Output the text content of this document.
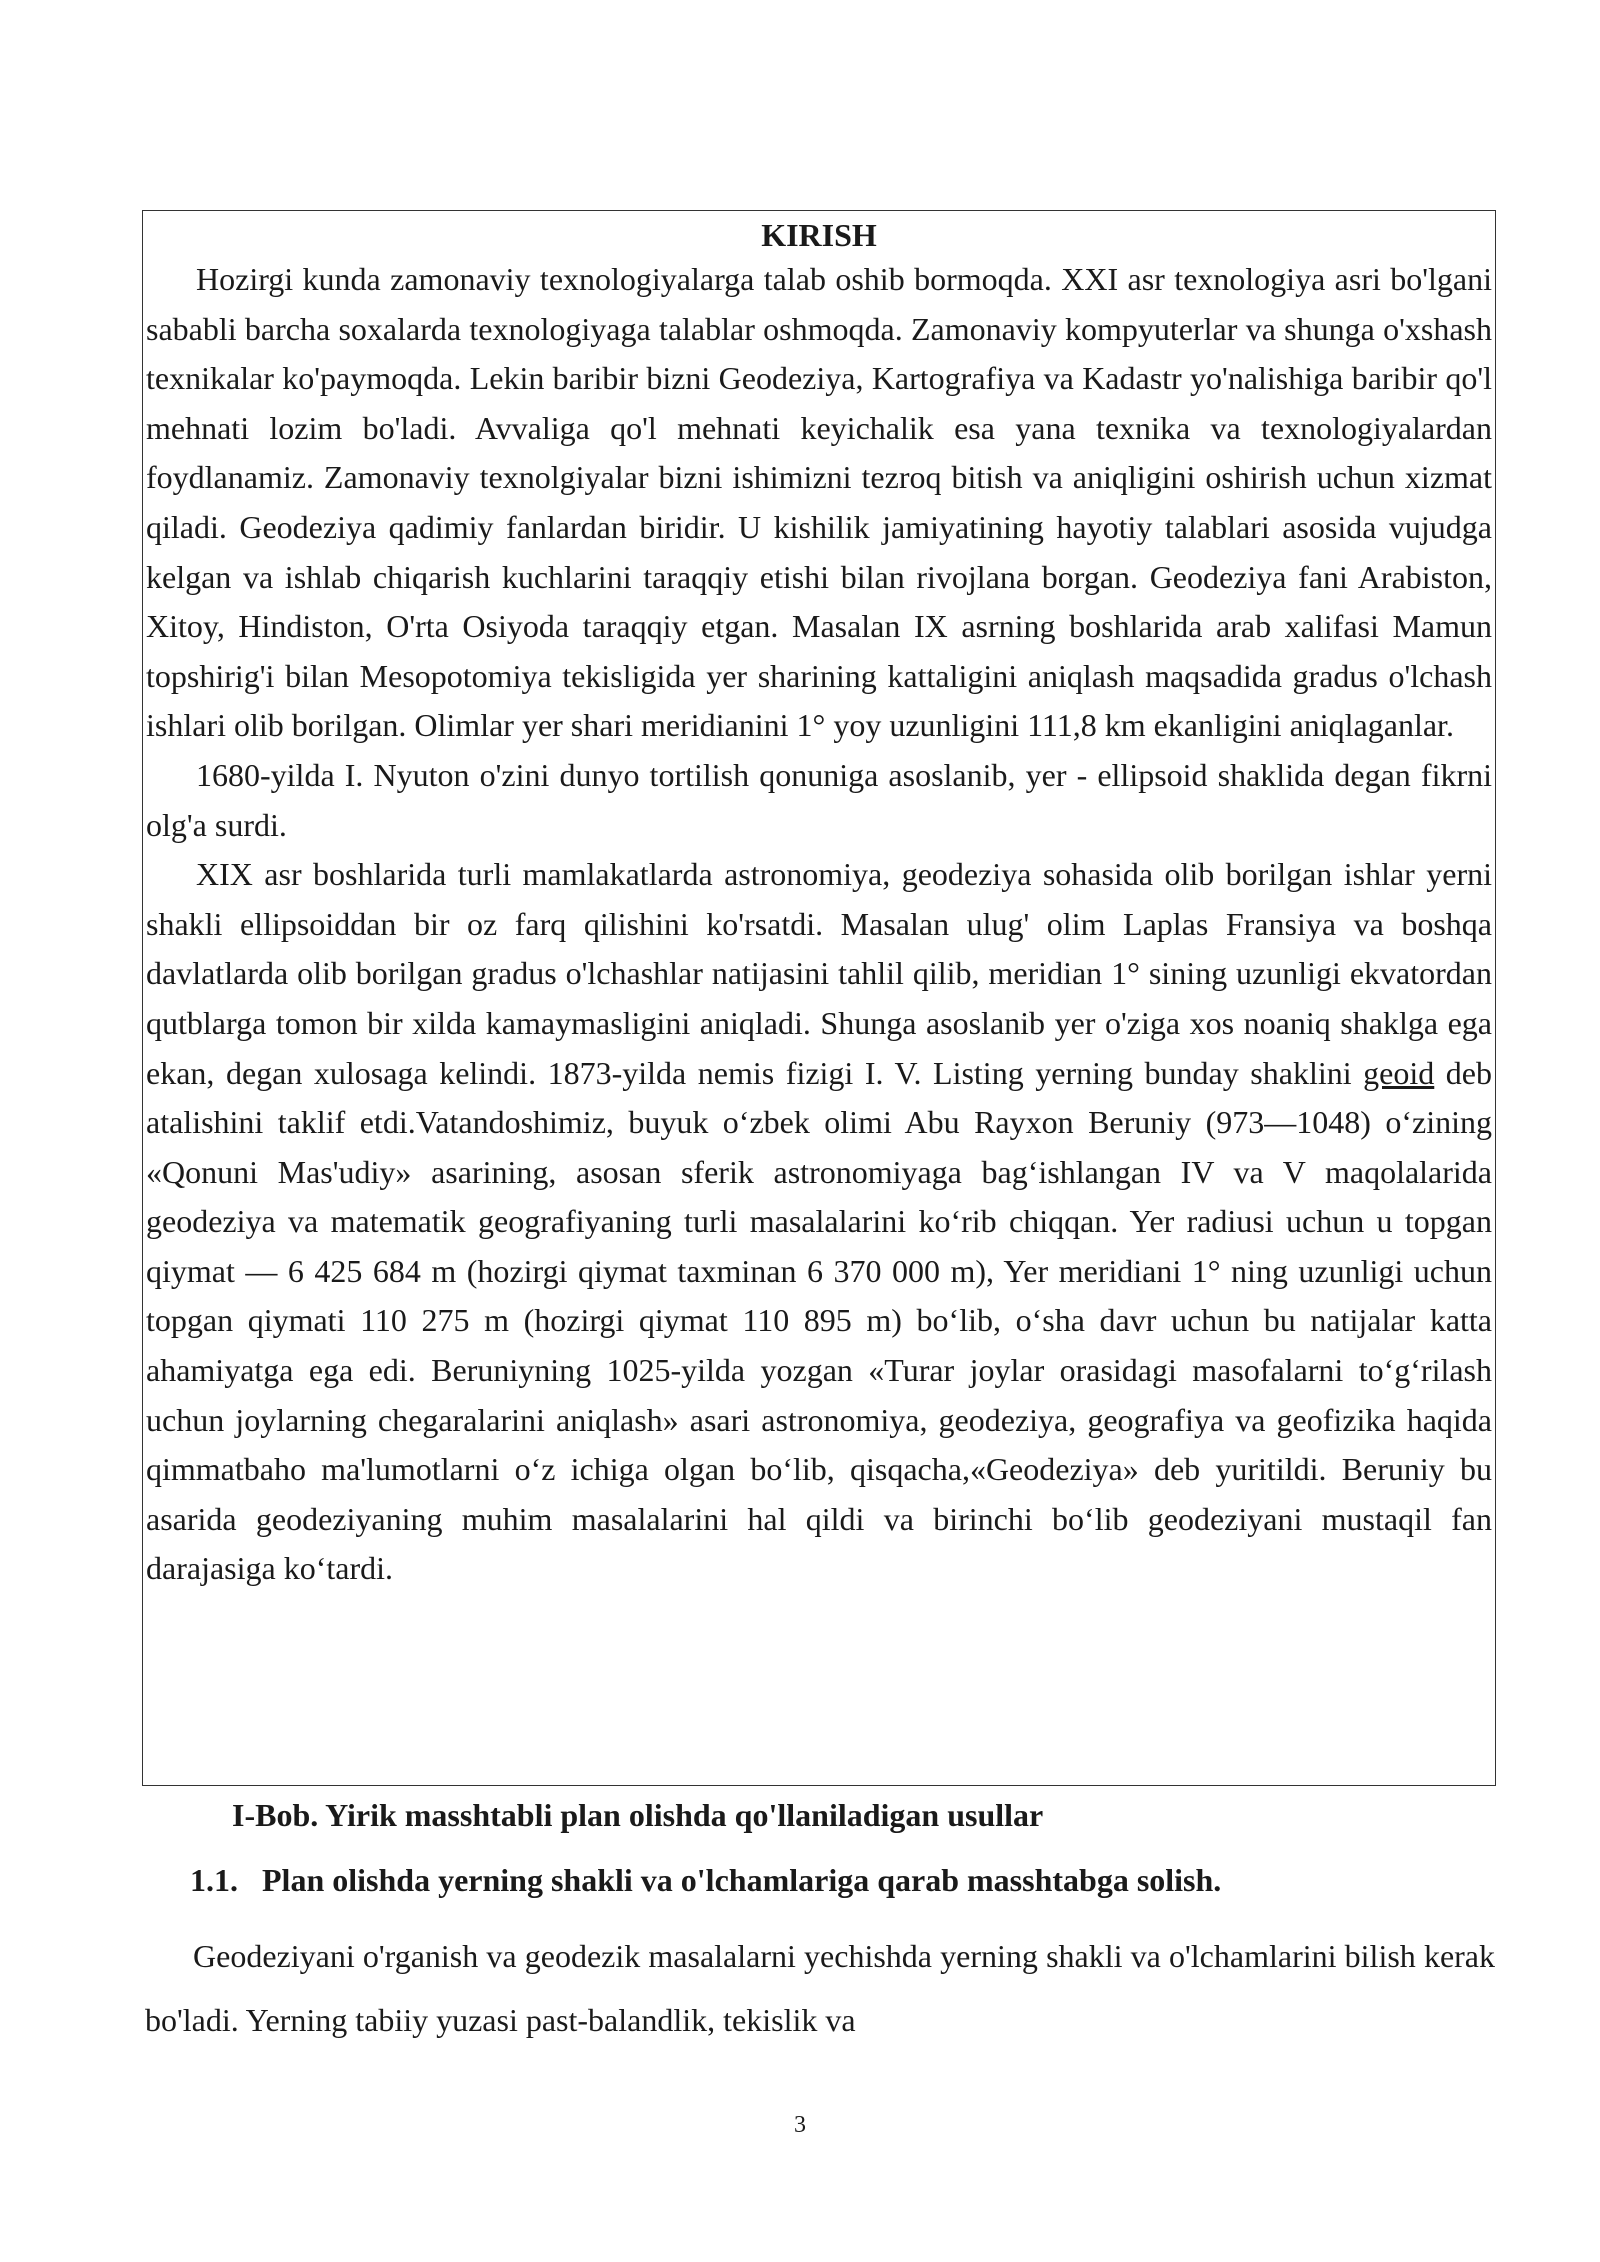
KIRISH

Hozirgi kunda zamonaviy texnologiyalarga talab oshib bormoqda. XXI asr texnologiya asri bo'lgani sababli barcha soxalarda texnologiyaga talablar oshmoqda. Zamonaviy kompyuterlar va shunga o'xshash texnikalar ko'paymoqda. Lekin baribir bizni Geodeziya, Kartografiya va Kadastr yo'nalishiga baribir qo'l mehnati lozim bo'ladi. Avvaliga qo'l mehnati keyichalik esa yana texnika va texnologiyalardan foydlanamiz. Zamonaviy texnolgiyalar bizni ishimizni tezroq bitish va aniqligini oshirish uchun xizmat qiladi. Geodeziya qadimiy fanlardan biridir. U kishilik jamiyatining hayotiy talablari asosida vujudga kelgan va ishlab chiqarish kuchlarini taraqqiy etishi bilan rivojlana borgan. Geodeziya fani Arabiston, Xitoy, Hindiston, O'rta Osiyoda taraqqiy etgan. Masalan IX asrning boshlarida arab xalifasi Mamun topshirig'i bilan Mesopotomiya tekisligida yer sharining kattaligini aniqlash maqsadida gradus o'lchash ishlari olib borilgan. Olimlar yer shari meridianini 1° yoy uzunligini 111,8 km ekanligini aniqlaganlar.

1680-yilda I. Nyuton o'zini dunyo tortilish qonuniga asoslanib, yer - ellipsoid shaklida degan fikrni olg'a surdi.

XIX asr boshlarida turli mamlakatlarda astronomiya, geodeziya sohasida olib borilgan ishlar yerni shakli ellipsoiddan bir oz farq qilishini ko'rsatdi. Masalan ulug' olim Laplas Fransiya va boshqa davlatlarda olib borilgan gradus o'lchashlar natijasini tahlil qilib, meridian 1° sining uzunligi ekvatordan qutblarga tomon bir xilda kamaymasligini aniqladi. Shunga asoslanib yer o'ziga xos noaniq shaklga ega ekan, degan xulosaga kelindi. 1873-yilda nemis fizigi I. V. Listing yerning bunday shaklini geoid deb atalishini taklif etdi.Vatandoshimiz, buyuk o‘zbek olimi Abu Rayxon Beruniy (973—1048) o‘zining «Qonuni Mas'udiy» asarining, asosan sferik astronomiyaga bag‘ishlangan IV va V maqolalarida geodeziya va matematik geografiyaning turli masalalarini ko‘rib chiqqan. Yer radiusi uchun u topgan qiymat — 6 425 684 m (hozirgi qiymat taxminan 6 370 000 m), Yer meridiani 1° ning uzunligi uchun topgan qiymati 110 275 m (hozirgi qiymat 110 895 m) bo‘lib, o‘sha davr uchun bu natijalar katta ahamiyatga ega edi. Beruniyning 1025-yilda yozgan «Turar joylar orasidagi masofalarni to‘g‘rilash uchun joylarning chegaralarini aniqlash» asari astronomiya, geodeziya, geografiya va geofizika haqida qimmatbaho ma'lumotlarni o‘z ichiga olgan bo‘lib, qisqacha,«Geodeziya» deb yuritildi. Beruniy bu asarida geodeziyaning muhim masalalarini hal qildi va birinchi bo‘lib geodeziyani mustaqil fan darajasiga ko‘tardi.

I-Bob. Yirik masshtabli plan olishda qo'llaniladigan usullar

1.1. Plan olishda yerning shakli va o'lchamlariga qarab masshtabga solish.

Geodeziyani o'rganish va geodezik masalalarni yechishda yerning shakli va o'lchamlarini bilish kerak bo'ladi. Yerning tabiiy yuzasi past-balandlik, tekislik va

3
